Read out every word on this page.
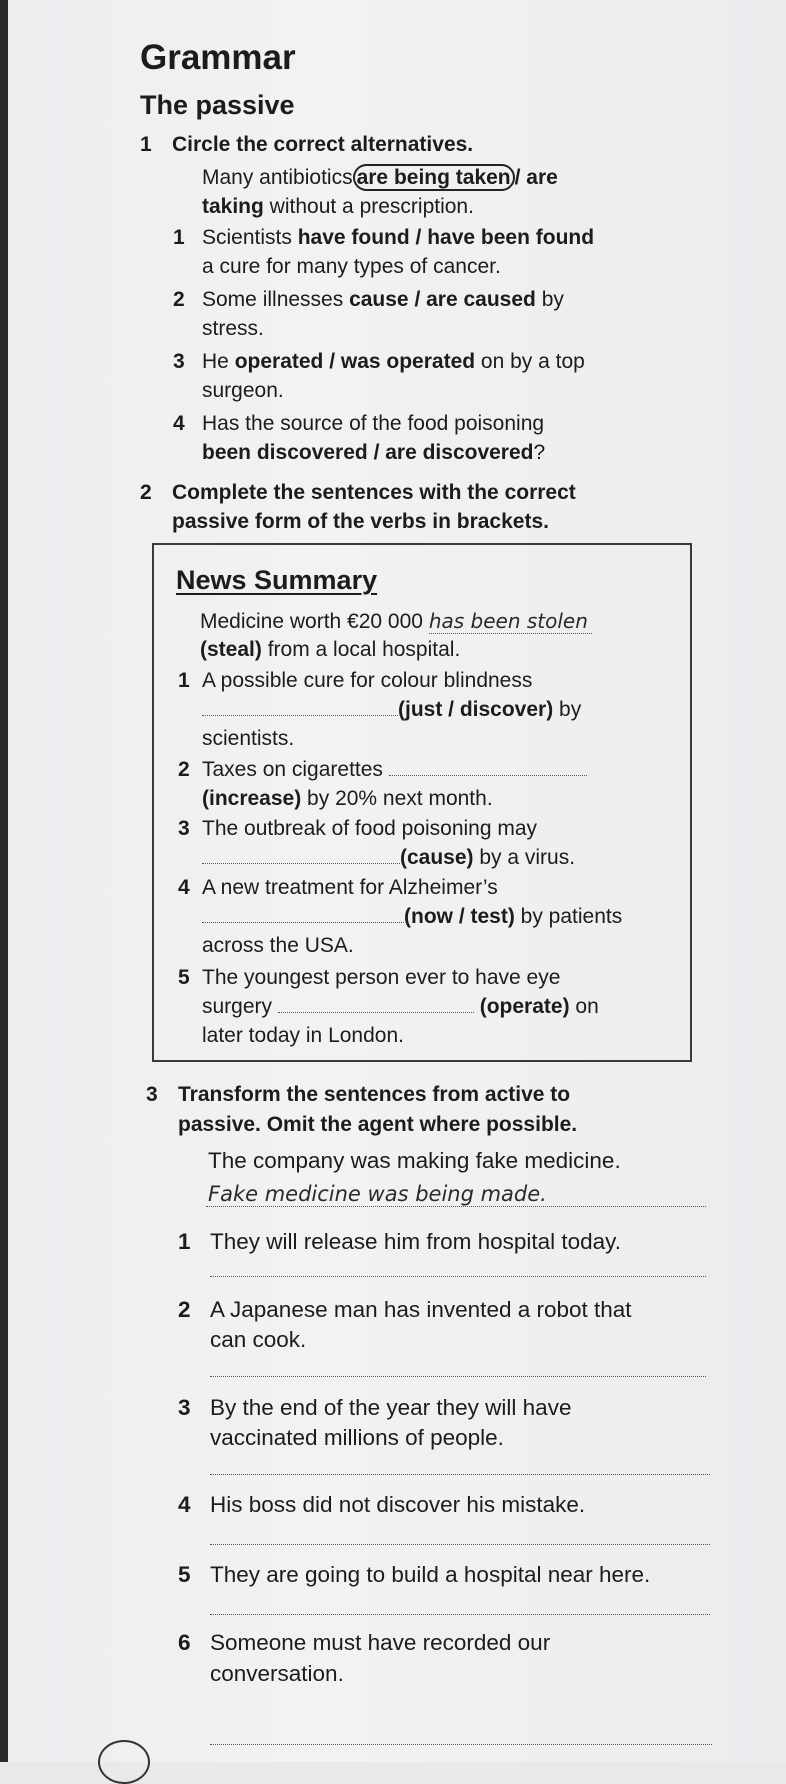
Grammar
The passive
1 Circle the correct alternatives.
Many antibiotics are being taken / are
taking without a prescription.
1 Scientists have found / have been found
a cure for many types of cancer.
2 Some illnesses cause / are caused by
stress.
3 He operated / was operated on by a top
surgeon.
4 Has the source of the food poisoning
been discovered / are discovered?
2 Complete the sentences with the correct
passive form of the verbs in brackets.
News Summary
Medicine worth €20 000 has been stolen
(steal) from a local hospital.
1 A possible cure for colour blindness
(just / discover) by
scientists.
2 Taxes on cigarettes
(increase) by 20% next month.
3 The outbreak of food poisoning may
(cause) by a virus.
4 A new treatment for Alzheimer’s
(now / test) by patients
across the USA.
5 The youngest person ever to have eye
surgery	(operate) on
later today in London.
3 Transform the sentences from active to
passive. Omit the agent where possible.
The company was making fake medicine.
Fake medicine was being made.
1 They will release him from hospital today.
2 A Japanese man has invented a robot that
can cook.
3 By the end of the year they will have
vaccinated millions of people.
4 His boss did not discover his mistake.
5 They are going to build a hospital near here.
6 Someone must have recorded our
conversation.
